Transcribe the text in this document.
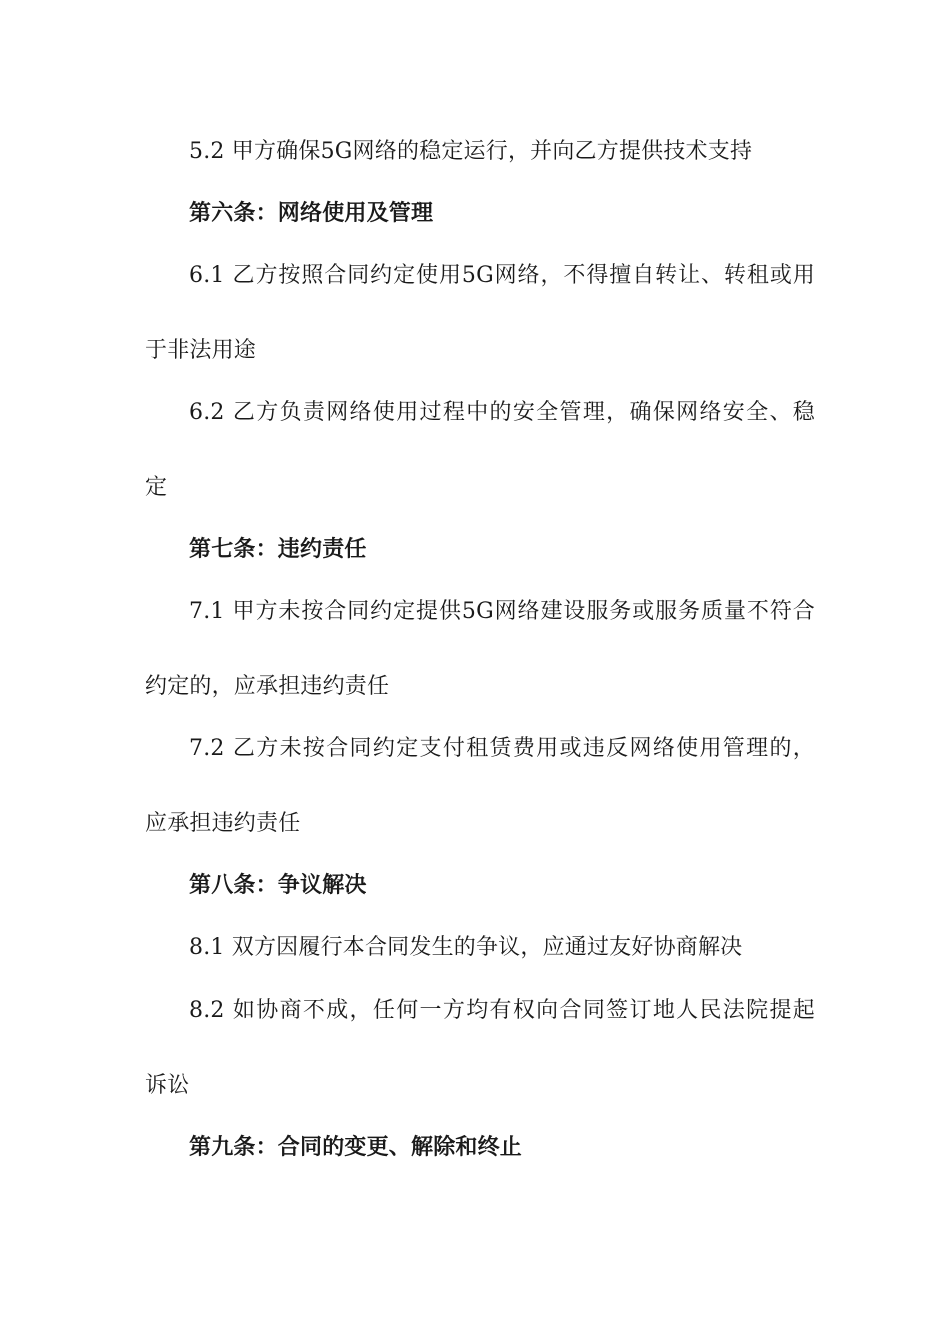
5.2 甲方确保5G网络的稳定运行，并向乙方提供技术支持
第六条：网络使用及管理
6.1 乙方按照合同约定使用5G网络，不得擅自转让、转租或用
于非法用途
6.2 乙方负责网络使用过程中的安全管理，确保网络安全、稳
定
第七条：违约责任
7.1 甲方未按合同约定提供5G网络建设服务或服务质量不符合
约定的，应承担违约责任
7.2 乙方未按合同约定支付租赁费用或违反网络使用管理的，
应承担违约责任
第八条：争议解决
8.1 双方因履行本合同发生的争议，应通过友好协商解决
8.2 如协商不成，任何一方均有权向合同签订地人民法院提起
诉讼
第九条：合同的变更、解除和终止
